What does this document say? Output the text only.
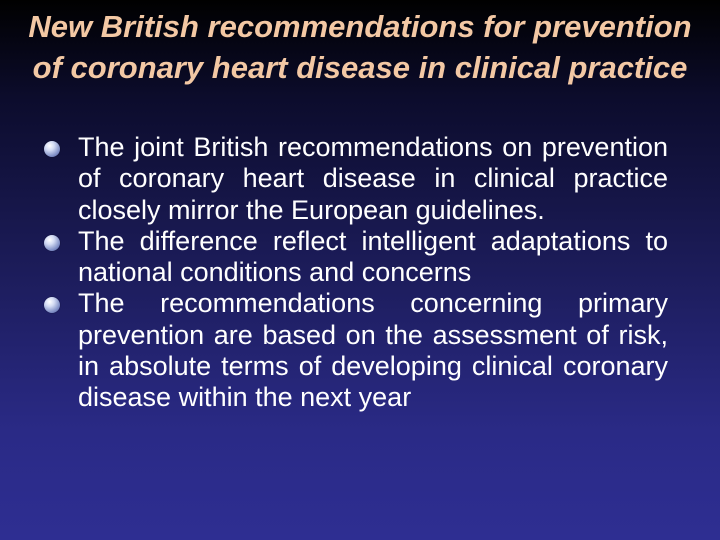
New British recommendations for prevention of coronary heart disease in clinical practice
The joint British recommendations on prevention of coronary heart disease in clinical practice closely mirror the European guidelines.
The difference reflect intelligent adaptations to national conditions and concerns
The recommendations concerning primary prevention are based on the assessment of risk, in absolute terms of developing clinical coronary disease within the next year
